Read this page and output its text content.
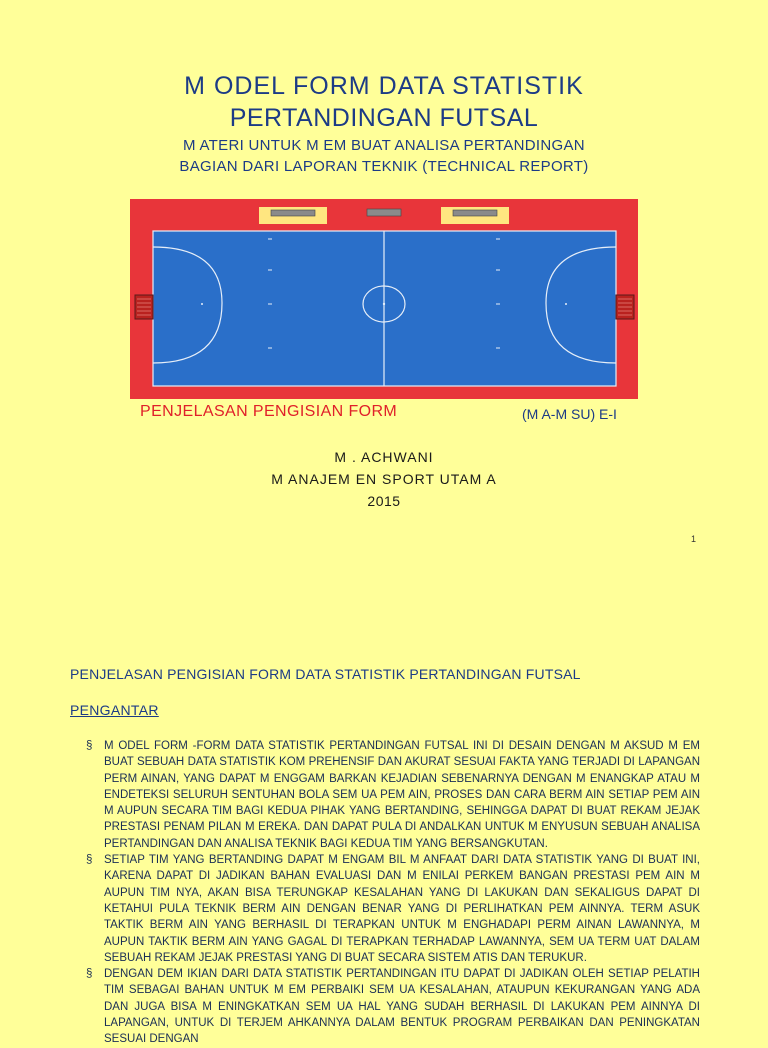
M ODEL FORM DATA STATISTIK
PERTANDINGAN FUTSAL
M ATERI UNTUK M EM BUAT ANALISA PERTANDINGAN
BAGIAN DARI LAPORAN TEKNIK (TECHNICAL REPORT)
PENJELASAN PENGISIAN FORM	(M A-M SU) E-I
M . ACHWANI
M ANAJEM EN SPORT UTAM A
2015
1
PENJELASAN PENGISIAN FORM DATA STATISTIK PERTANDINGAN FUTSAL
PENGANTAR

§ M ODEL FORM -FORM DATA STATISTIK PERTANDINGAN FUTSAL INI DI DESAIN DENGAN M AKSUD M EM BUAT SEBUAH DATA STATISTIK KOM PREHENSIF DAN AKURAT SESUAI FAKTA YANG TERJADI DI LAPANGAN PERM AINAN, YANG DAPAT M ENGGAM BARKAN KEJADIAN SEBENARNYA DENGAN M ENANGKAP ATAU M ENDETEKSI SELURUH SENTUHAN BOLA SEM UA PEM AIN, PROSES DAN CARA BERM AIN SETIAP PEM AIN M AUPUN SECARA TIM BAGI KEDUA PIHAK YANG BERTANDING, SEHINGGA DAPAT DI BUAT REKAM JEJAK PRESTASI PENAM PILAN M EREKA. DAN DAPAT PULA DI ANDALKAN UNTUK M ENYUSUN SEBUAH ANALISA PERTANDINGAN DAN ANALISA TEKNIK BAGI KEDUA TIM YANG BERSANGKUTAN.

§ SETIAP TIM YANG BERTANDING DAPAT M ENGAM BIL M ANFAAT DARI DATA STATISTIK YANG DI BUAT INI, KARENA DAPAT DI JADIKAN BAHAN EVALUASI DAN M ENILAI PERKEM BANGAN PRESTASI PEM AIN M AUPUN TIM NYA, AKAN BISA TERUNGKAP KESALAHAN YANG DI LAKUKAN DAN SEKALIGUS DAPAT DI KETAHUI PULA TEKNIK BERM AIN DENGAN BENAR YANG DI PERLIHATKAN PEM AINNYA. TERM ASUK TAKTIK BERM AIN YANG BERHASIL DI TERAPKAN UNTUK M ENGHADAPI PERM AINAN LAWANNYA, M AUPUN TAKTIK BERM AIN YANG GAGAL DI TERAPKAN TERHADAP LAWANNYA, SEM UA TERM UAT DALAM SEBUAH REKAM JEJAK PRESTASI YANG DI BUAT SECARA SISTEM ATIS DAN TERUKUR.

§ DENGAN DEM IKIAN DARI DATA STATISTIK PERTANDINGAN ITU DAPAT DI JADIKAN OLEH SETIAP PELATIH TIM SEBAGAI BAHAN UNTUK M EM PERBAIKI SEM UA KESALAHAN, ATAUPUN KEKURANGAN YANG ADA DAN JUGA BISA M ENINGKATKAN SEM UA HAL YANG SUDAH BERHASIL DI LAKUKAN PEM AINNYA DI LAPANGAN, UNTUK DI TERJEM AHKANNYA DALAM BENTUK PROGRAM PERBAIKAN DAN PENINGKATAN SESUAI DENGAN
